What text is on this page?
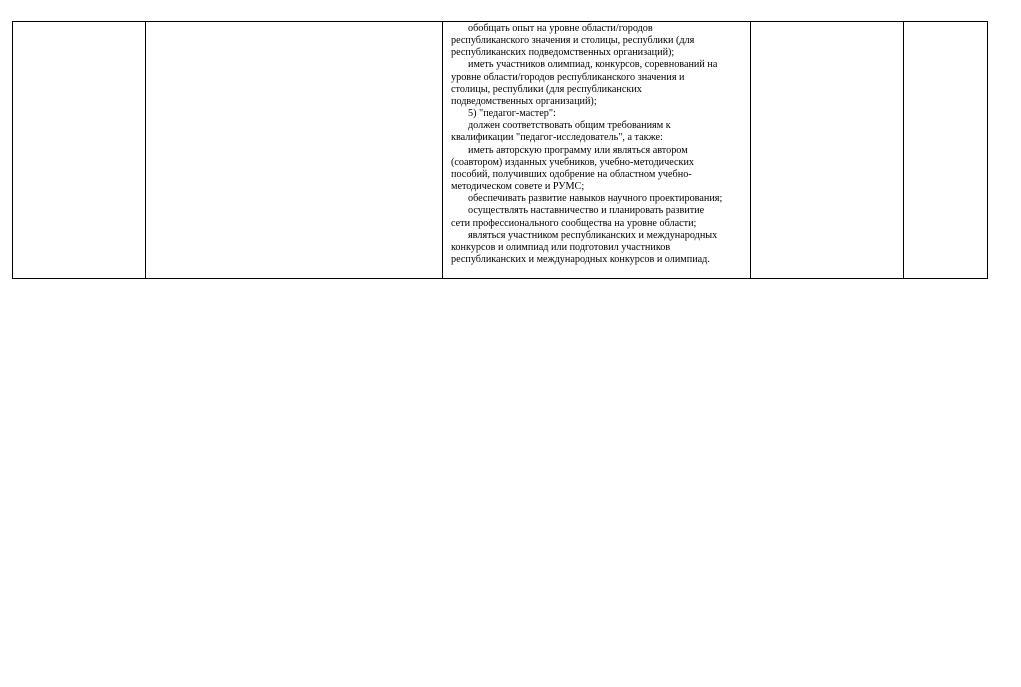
обобщать опыт на уровне области/городов

республиканского значения и столицы, республики (для

республиканских подведомственных организаций);

иметь участников олимпиад, конкурсов, соревнований на

уровне области/городов республиканского значения и

столицы, республики (для республиканских

подведомственных организаций);

5) "педагог-мастер":

должен соответствовать общим требованиям к

квалификации "педагог-исследователь", а также:

иметь авторскую программу или являться автором

(соавтором) изданных учебников, учебно-методических

пособий, получивших одобрение на областном учебно-

методическом совете и РУМС;

обеспечивать развитие навыков научного проектирования;

осуществлять наставничество и планировать развитие

сети профессионального сообщества на уровне области;

являться участником республиканских и международных

конкурсов и олимпиад или подготовил участников

республиканских и международных конкурсов и олимпиад.
